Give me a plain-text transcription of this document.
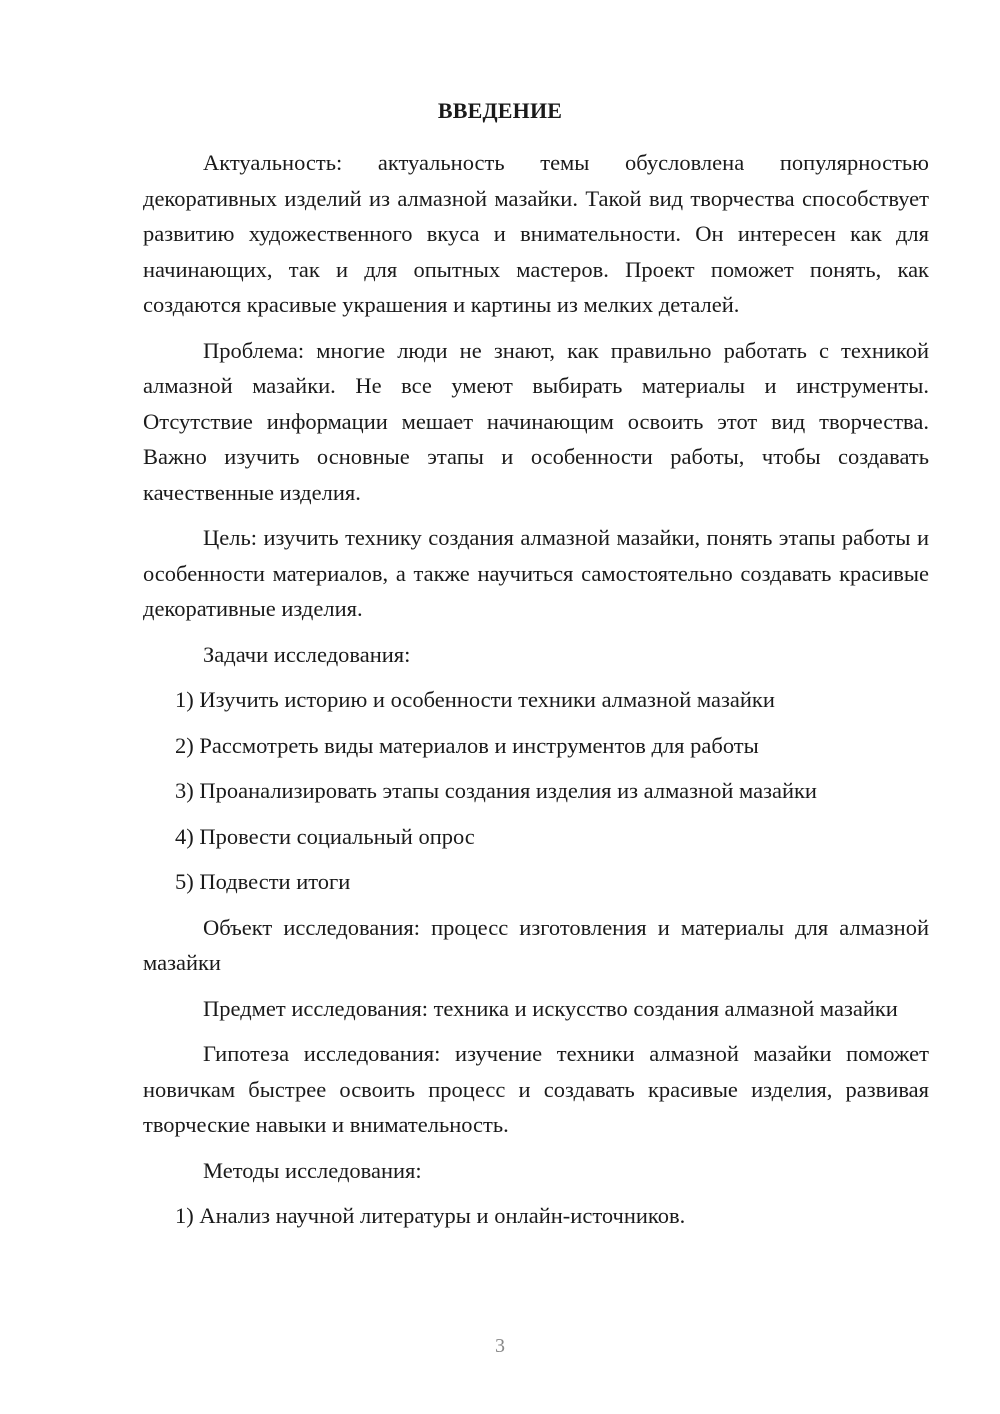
ВВЕДЕНИЕ

Актуальность: актуальность темы обусловлена популярностью декоративных изделий из алмазной мазайки. Такой вид творчества способствует развитию художественного вкуса и внимательности. Он интересен как для начинающих, так и для опытных мастеров. Проект поможет понять, как создаются красивые украшения и картины из мелких деталей.

Проблема: многие люди не знают, как правильно работать с техникой алмазной мазайки. Не все умеют выбирать материалы и инструменты. Отсутствие информации мешает начинающим освоить этот вид творчества. Важно изучить основные этапы и особенности работы, чтобы создавать качественные изделия.

Цель: изучить технику создания алмазной мазайки, понять этапы работы и особенности материалов, а также научиться самостоятельно создавать красивые декоративные изделия.

Задачи исследования:

1) Изучить историю и особенности техники алмазной мазайки

2) Рассмотреть виды материалов и инструментов для работы

3) Проанализировать этапы создания изделия из алмазной мазайки

4) Провести социальный опрос

5) Подвести итоги

Объект исследования: процесс изготовления и материалы для алмазной мазайки

Предмет исследования: техника и искусство создания алмазной мазайки

Гипотеза исследования: изучение техники алмазной мазайки поможет новичкам быстрее освоить процесс и создавать красивые изделия, развивая творческие навыки и внимательность.

Методы исследования:

1) Анализ научной литературы и онлайн-источников.

3
